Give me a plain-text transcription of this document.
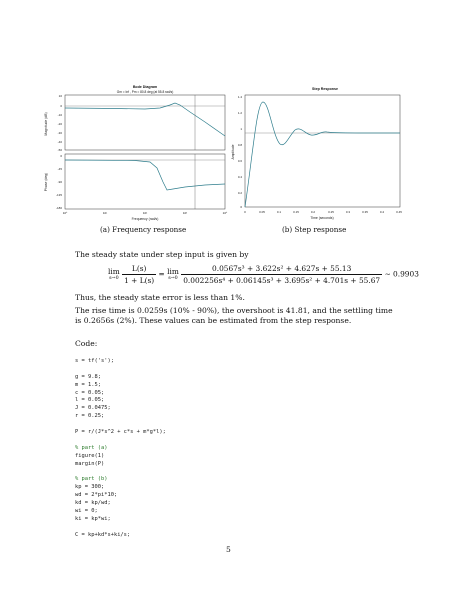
Bode Diagram
Gm = Inf , Pm = 80.8 deg (at 55.8 rad/s)
10
0
-10
-20
-30
-40
-50
Magnitude (dB)
0
-45
-90
-135
-180
Phase (deg)
10⁰	10¹	10²	10³	10⁴
Frequency (rad/s)
(a) Frequency response
Step Response
1.4
1.2
1
0.8
0.6
0.4
0.2
0
Amplitude
0	0.05	0.1	0.15	0.2	0.25	0.3	0.35	0.4	0.45
Time (seconds)
(b) Step response
The steady state under step input is given by
lim
s→0
$\frac{L(s)}{1 + L(s)} = \lim$
s→0
$\frac{\text{0.0567s³ + 3.622s² + 4.627s + 55.13}}{\text{0.002256s⁴ + 0.06145s³ + 3.695s² + 4.701s + 55.67}}$ ∼ 0.9903
Thus, the steady state error is less than 1%.
The rise time is 0.0259s (10% - 90%), the overshoot is 41.81, and the settling time is 0.2656s (2%). These values can be estimated from the step response.
Code:
s = tf('s');
g = 9.8;
m = 1.5;
c = 0.05;
l = 0.05;
J = 0.0475;
r = 0.25;
P = r/(J*s^2 + c*s + m*g*l);
% part (a)
figure(1)
margin(P)
% part (b)
kp = 300;
wd = 2*pi*10;
kd = kp/wd;
wi = 0;
ki = kp*wi;
C = kp+kd*s+ki/s;
5
